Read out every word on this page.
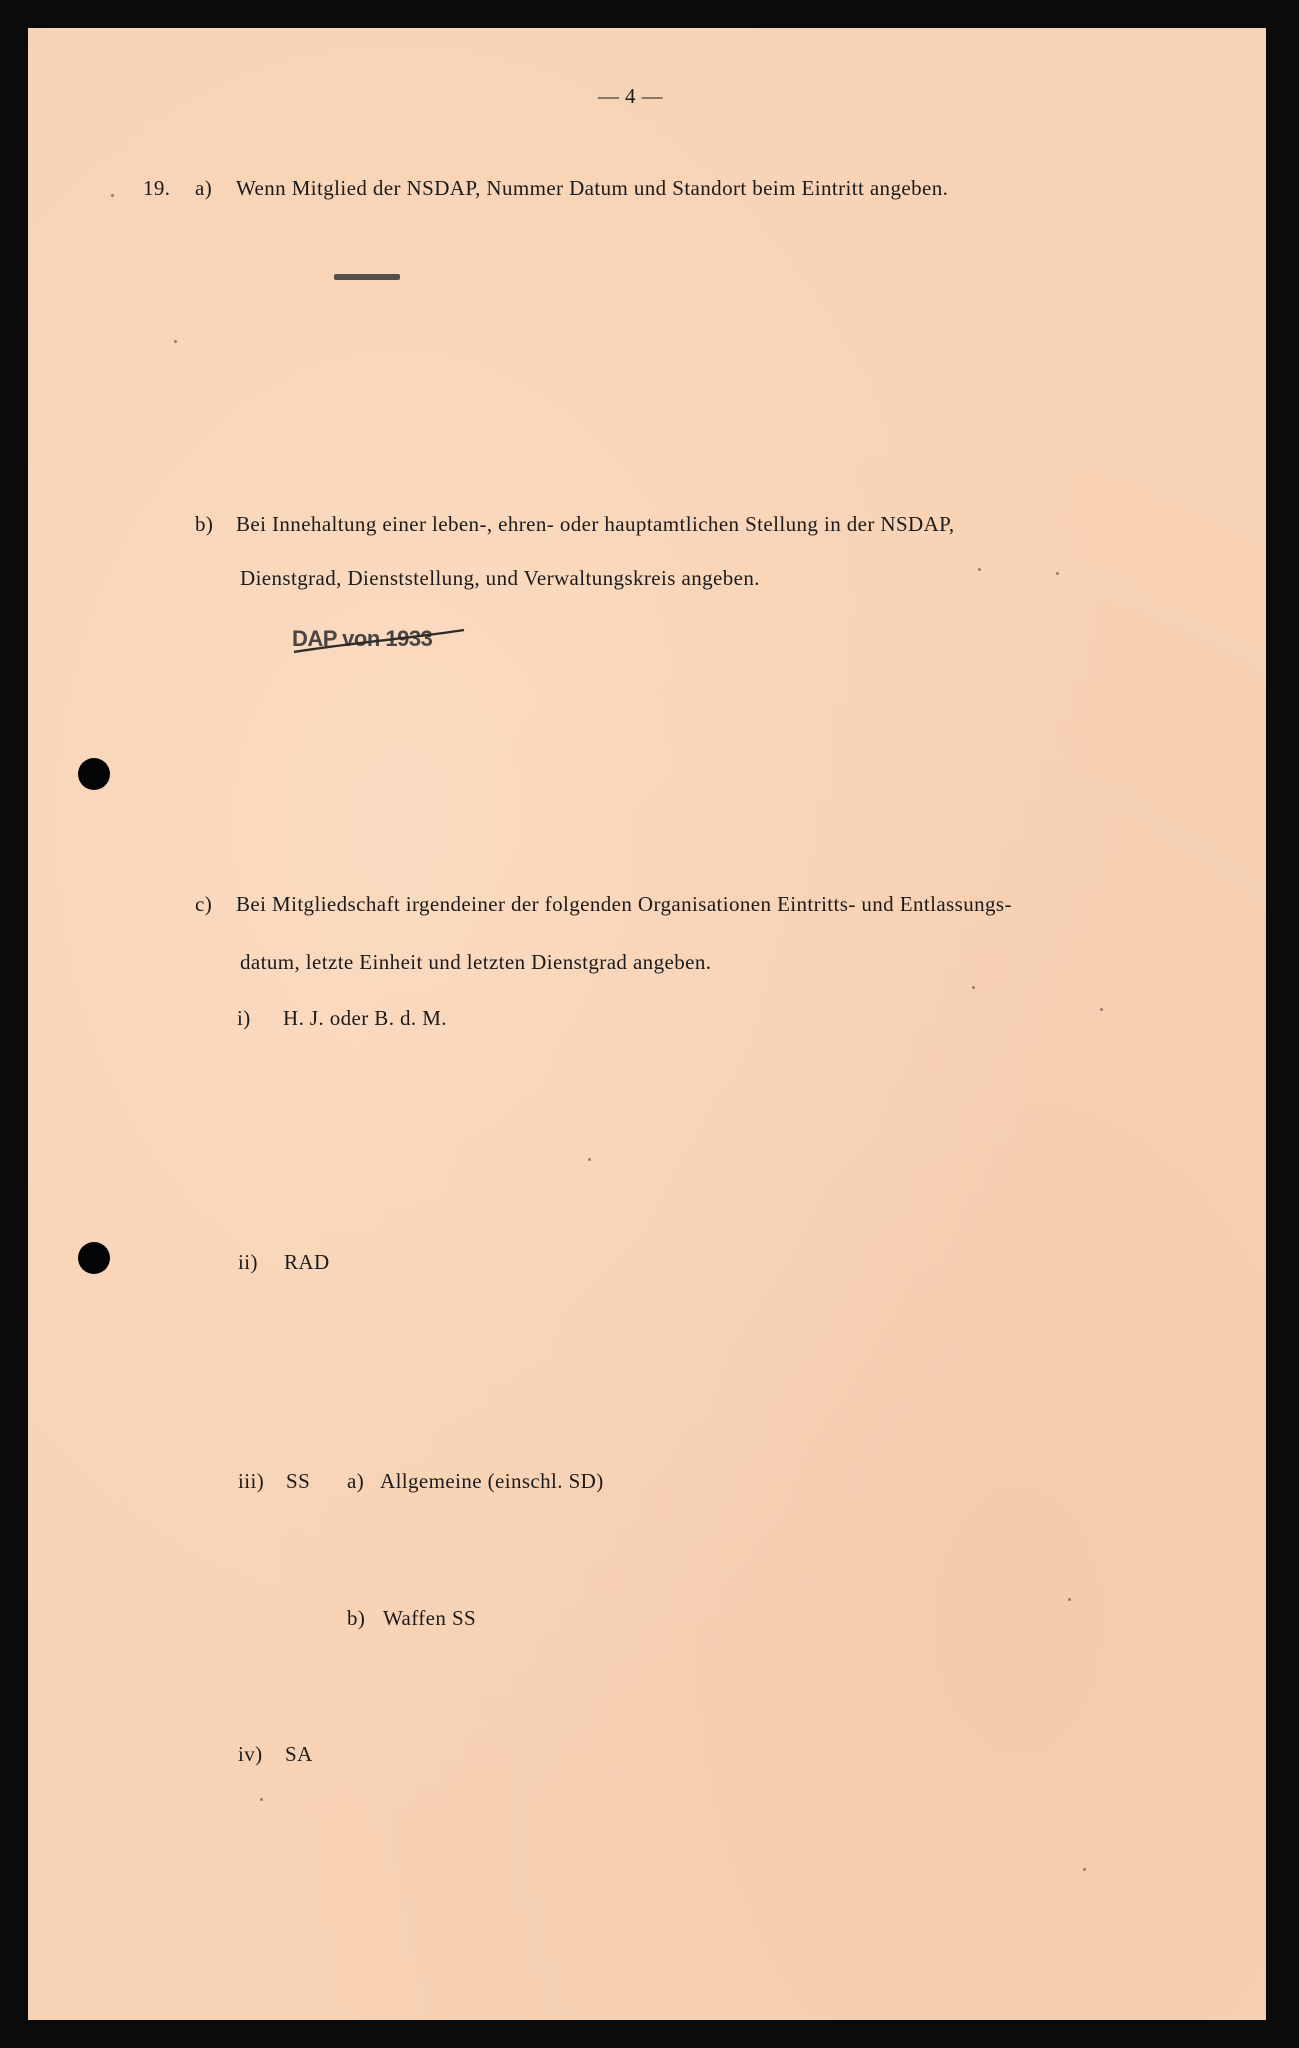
— 4 —
19. a) Wenn Mitglied der NSDAP, Nummer Datum und Standort beim Eintritt angeben.
b) Bei Innehaltung einer leben-, ehren- oder hauptamtlichen Stellung in der NSDAP,
Dienstgrad, Dienststellung, und Verwaltungskreis angeben.
DAP von 1933
c) Bei Mitgliedschaft irgendeiner der folgenden Organisationen Eintritts- und Entlassungs-
datum, letzte Einheit und letzten Dienstgrad angeben.
i) H. J. oder B. d. M.
ii) RAD
iii) SS a) Allgemeine (einschl. SD)
b) Waffen SS
iv) SA
